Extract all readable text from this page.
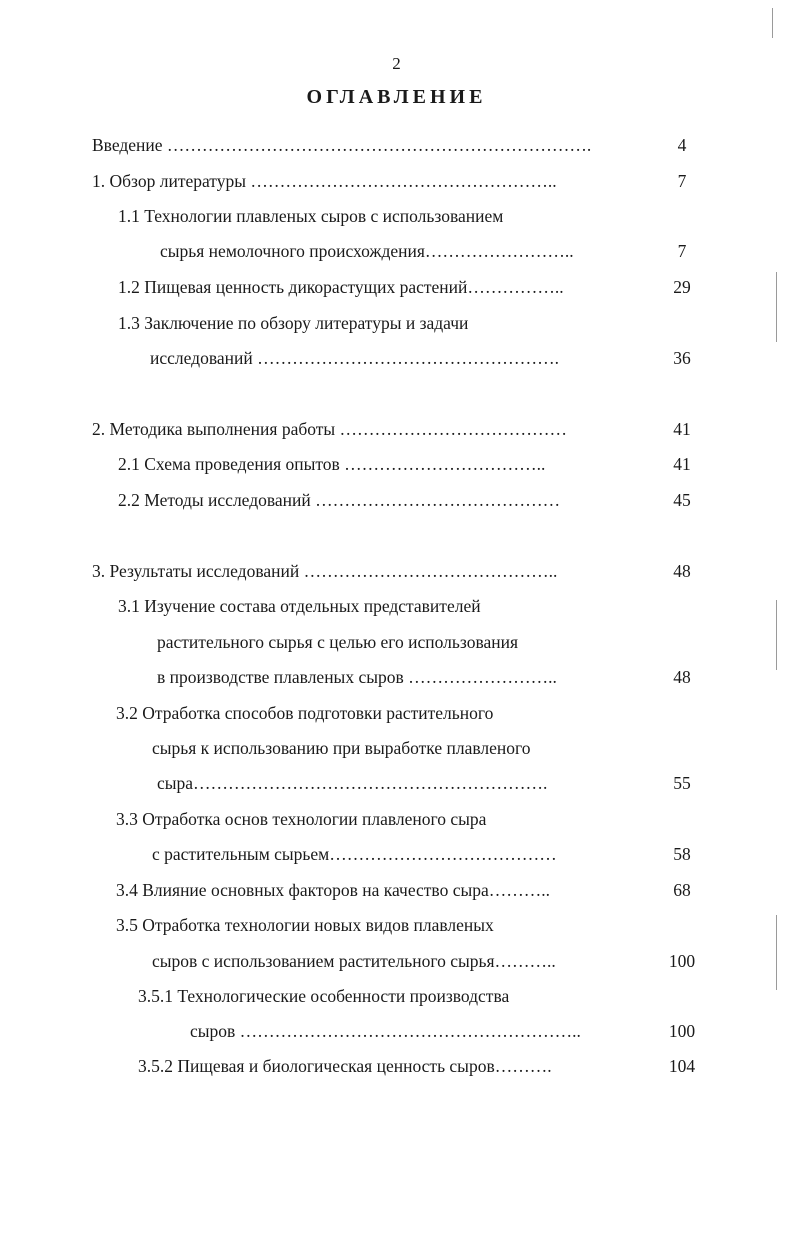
2
ОГЛАВЛЕНИЕ
Введение ……………………………………………………………….	4
1. Обзор литературы ……………………………………………..	7
1.1 Технологии плавленых сыров с использованием
сырья немолочного происхождения……………………..	7
1.2 Пищевая ценность дикорастущих растений……………..	29
1.3 Заключение по обзору литературы и задачи
исследований …………………………………………….	36
2. Методика выполнения работы …………………………………	41
2.1 Схема проведения опытов ……………………………..	41
2.2 Методы исследований ……………………………………	45
3. Результаты исследований ……………………………………..	48
3.1 Изучение состава отдельных представителей
растительного сырья с целью его использования
в производстве плавленых сыров ……………………..	48
3.2 Отработка способов подготовки растительного
сырья к использованию при выработке плавленого
сыра…………………………………………………….	55
3.3 Отработка основ технологии плавленого сыра
с растительным сырьем…………………………………	58
3.4 Влияние основных факторов на качество сыра………..	68
3.5 Отработка технологии новых видов плавленых
сыров с использованием растительного сырья………..	100
3.5.1 Технологические особенности производства
сыров …………………………………………………..	100
3.5.2 Пищевая и биологическая ценность сыров……….	104
